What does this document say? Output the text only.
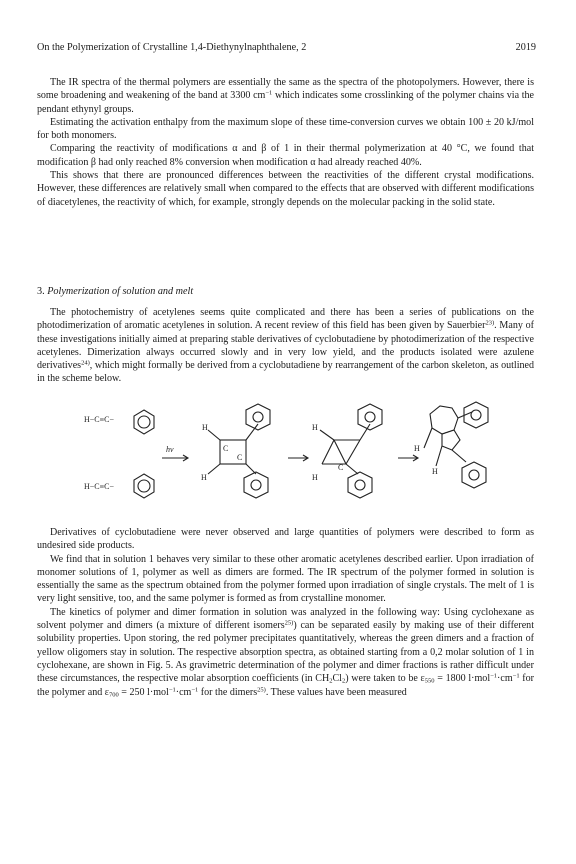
On the Polymerization of Crystalline 1,4-Diethynylnaphthalene, 2	2019

The IR spectra of the thermal polymers are essentially the same as the spectra of the photopolymers. However, there is some broadening and weakening of the band at 3300 $cm^{-1}$ which indicates some crosslinking of the polymer chains via the pendant ethynyl groups.

Estimating the activation enthalpy from the maximum slope of these time-conversion curves we obtain 100 ± 20 kJ/mol for both monomers.

Comparing the reactivity of modifications α and β of 1 in their thermal polymerization at 40 °C, we found that modification β had only reached 8% conversion when modification α had already reached 40%.

This shows that there are pronounced differences between the reactivities of the different crystal modifications. However, these differences are relatively small when compared to the effects that are observed with different modifications of diacetylenes, the reactivity of which, for example, strongly depends on the molecular packing in the solid state.

3. Polymerization of solution and melt

The photochemistry of acetylenes seems quite complicated and there has been a series of publications on the photodimerization of aromatic acetylenes in solution. A recent review of this field has been given by Sauerbier$^{23)}$. Many of these investigations initially aimed at preparing stable derivatives of cyclobutadiene by photodimerization of the respective acetylenes. Dimerization always occurred slowly and in very low yield, and the products isolated were azulene derivatives$^{24)}$, which might formally be derived from a cyclobutadiene by rearrangement of the carbon skeleton, as outlined in the scheme below.

H−C≡C−
H−C≡C−
hν
H
H
C
C
H
H
C
H
H

Derivatives of cyclobutadiene were never observed and large quantities of polymers were described to form as undesired side products.

We find that in solution 1 behaves very similar to these other aromatic acetylenes described earlier. Upon irradiation of monomer solutions of 1, polymer as well as dimers are formed. The IR spectrum of the polymer formed in solution is essentially the same as the spectrum obtained from the polymer formed upon irradiation of single crystals. The melt of 1 is very light sensitive, too, and the same polymer is formed as from crystalline monomer.

The kinetics of polymer and dimer formation in solution was analyzed in the following way: Using cyclohexane as solvent polymer and dimers (a mixture of different isomers$^{25)}$) can be separated easily by making use of their different solubility properties. Upon storing, the red polymer precipitates quantitatively, whereas the green dimers and a fraction of yellow oligomers stay in solution. The respective absorption spectra, as obtained starting from a 0,2 molar solution of 1 in cyclohexane, are shown in Fig. 5. As gravimetric determination of the polymer and dimer fractions is rather difficult under these circumstances, the respective molar absorption coefficients (in $CH_2Cl_2$) were taken to be $\varepsilon_{550} = 1800$ $l\cdot mol^{-1}\cdot cm^{-1}$ for the polymer and $\varepsilon_{700} = 250$ $l\cdot mol^{-1}\cdot cm^{-1}$ for the dimers$^{25)}$. These values have been measured
